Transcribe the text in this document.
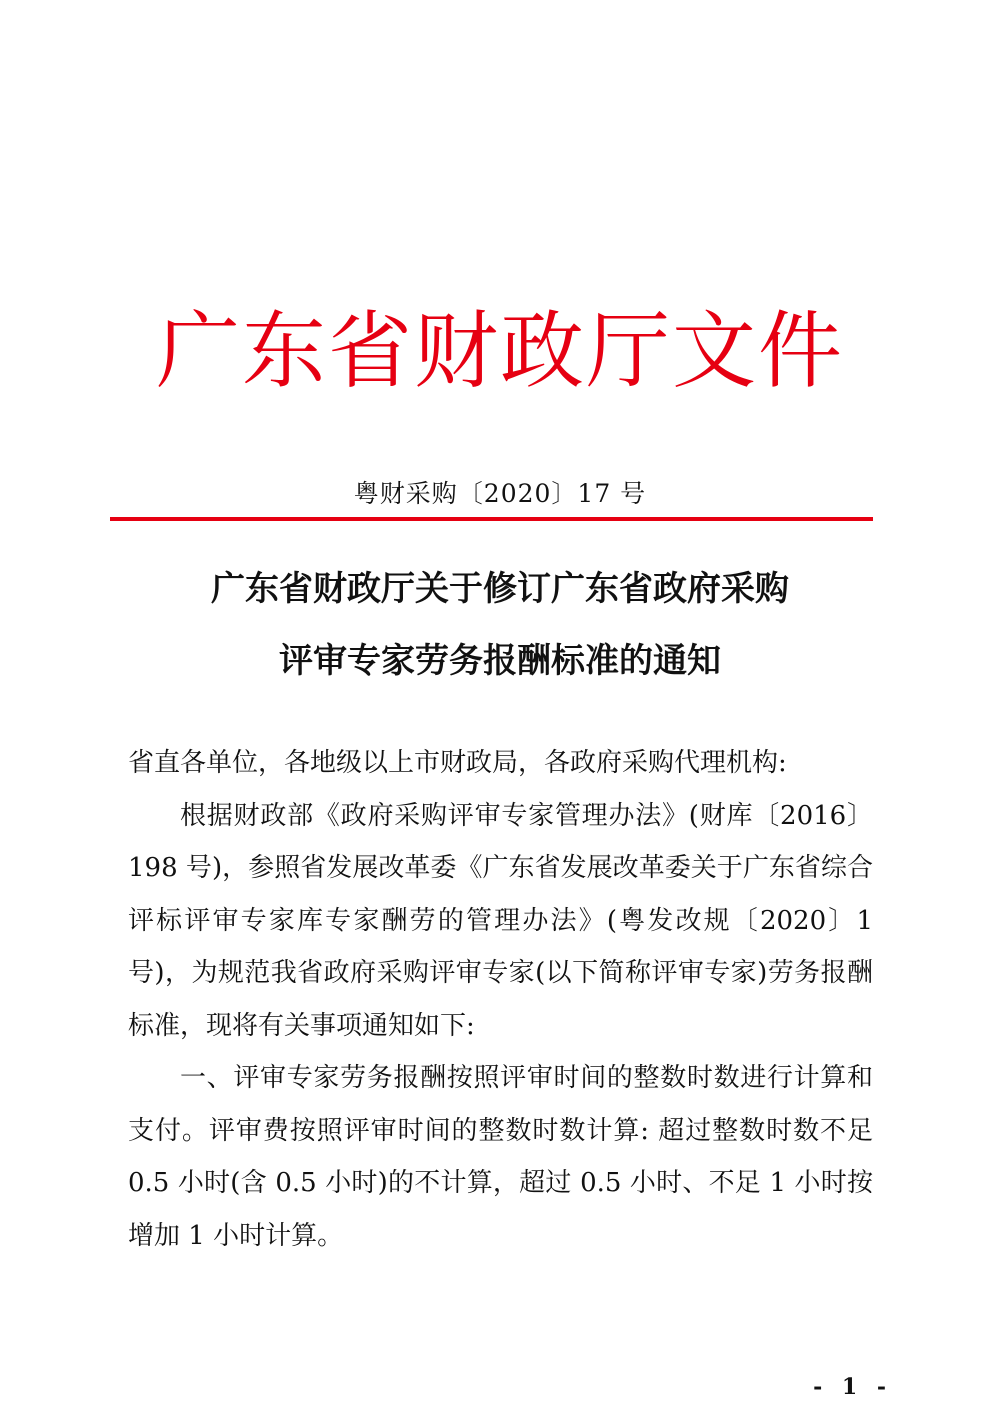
广东省财政厅文件
粤财采购〔2020〕17 号
广东省财政厅关于修订广东省政府采购
评审专家劳务报酬标准的通知

省直各单位，各地级以上市财政局，各政府采购代理机构:

根据财政部《政府采购评审专家管理办法》(财库〔2016〕198 号)，参照省发展改革委《广东省发展改革委关于广东省综合评标评审专家库专家酬劳的管理办法》(粤发改规〔2020〕1 号)，为规范我省政府采购评审专家(以下简称评审专家)劳务报酬标准，现将有关事项通知如下:

一、评审专家劳务报酬按照评审时间的整数时数进行计算和支付。评审费按照评审时间的整数时数计算: 超过整数时数不足 0.5 小时(含 0.5 小时)的不计算，超过 0.5 小时、不足 1 小时按增加 1 小时计算。

- 1 -
